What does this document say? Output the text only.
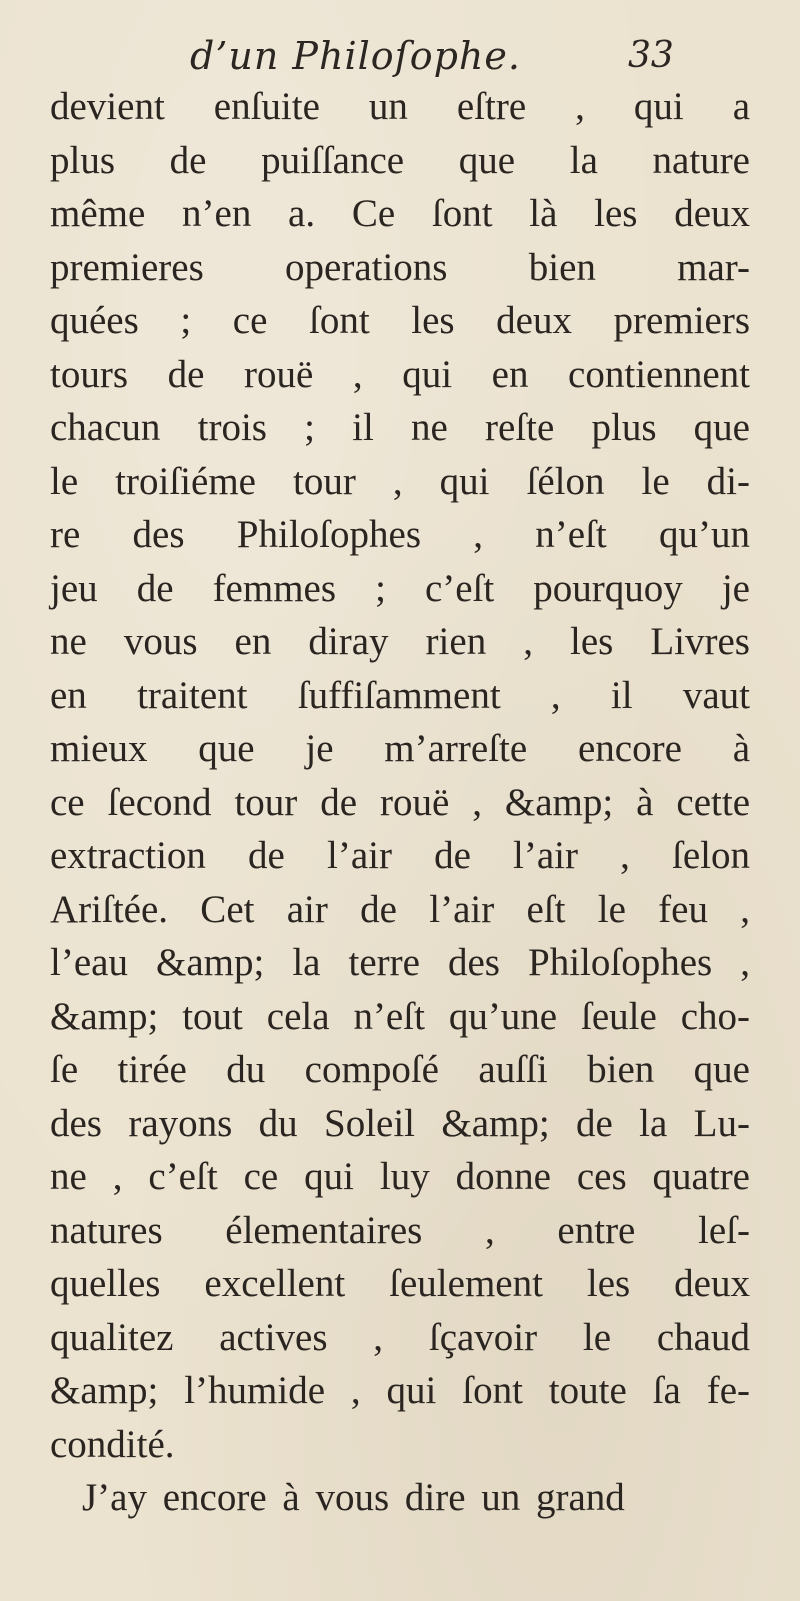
d’un Philoſophe.	33
devient enſuite un eſtre , qui a
plus de puiſſance que la nature
même n’en a. Ce ſont là les deux
premieres operations bien mar-
quées ; ce ſont les deux premiers
tours de rouë , qui en contiennent
chacun trois ; il ne reſte plus que
le troiſiéme tour , qui ſélon le di-
re des Philoſophes , n’eſt qu’un
jeu de femmes ; c’eſt pourquoy je
ne vous en diray rien , les Livres
en traitent ſuffiſamment , il vaut
mieux que je m’arreſte encore à
ce ſecond tour de rouë , &amp; à cette
extraction de l’air de l’air , ſelon
Ariſtée. Cet air de l’air eſt le feu ,
l’eau &amp; la terre des Philoſophes ,
&amp; tout cela n’eſt qu’une ſeule cho-
ſe tirée du compoſé auſſi bien que
des rayons du Soleil &amp; de la Lu-
ne , c’eſt ce qui luy donne ces quatre
natures élementaires , entre leſ-
quelles excellent ſeulement les deux
qualitez actives , ſçavoir le chaud
&amp; l’humide , qui ſont toute ſa fe-
condité.
J’ay encore à vous dire un grand
